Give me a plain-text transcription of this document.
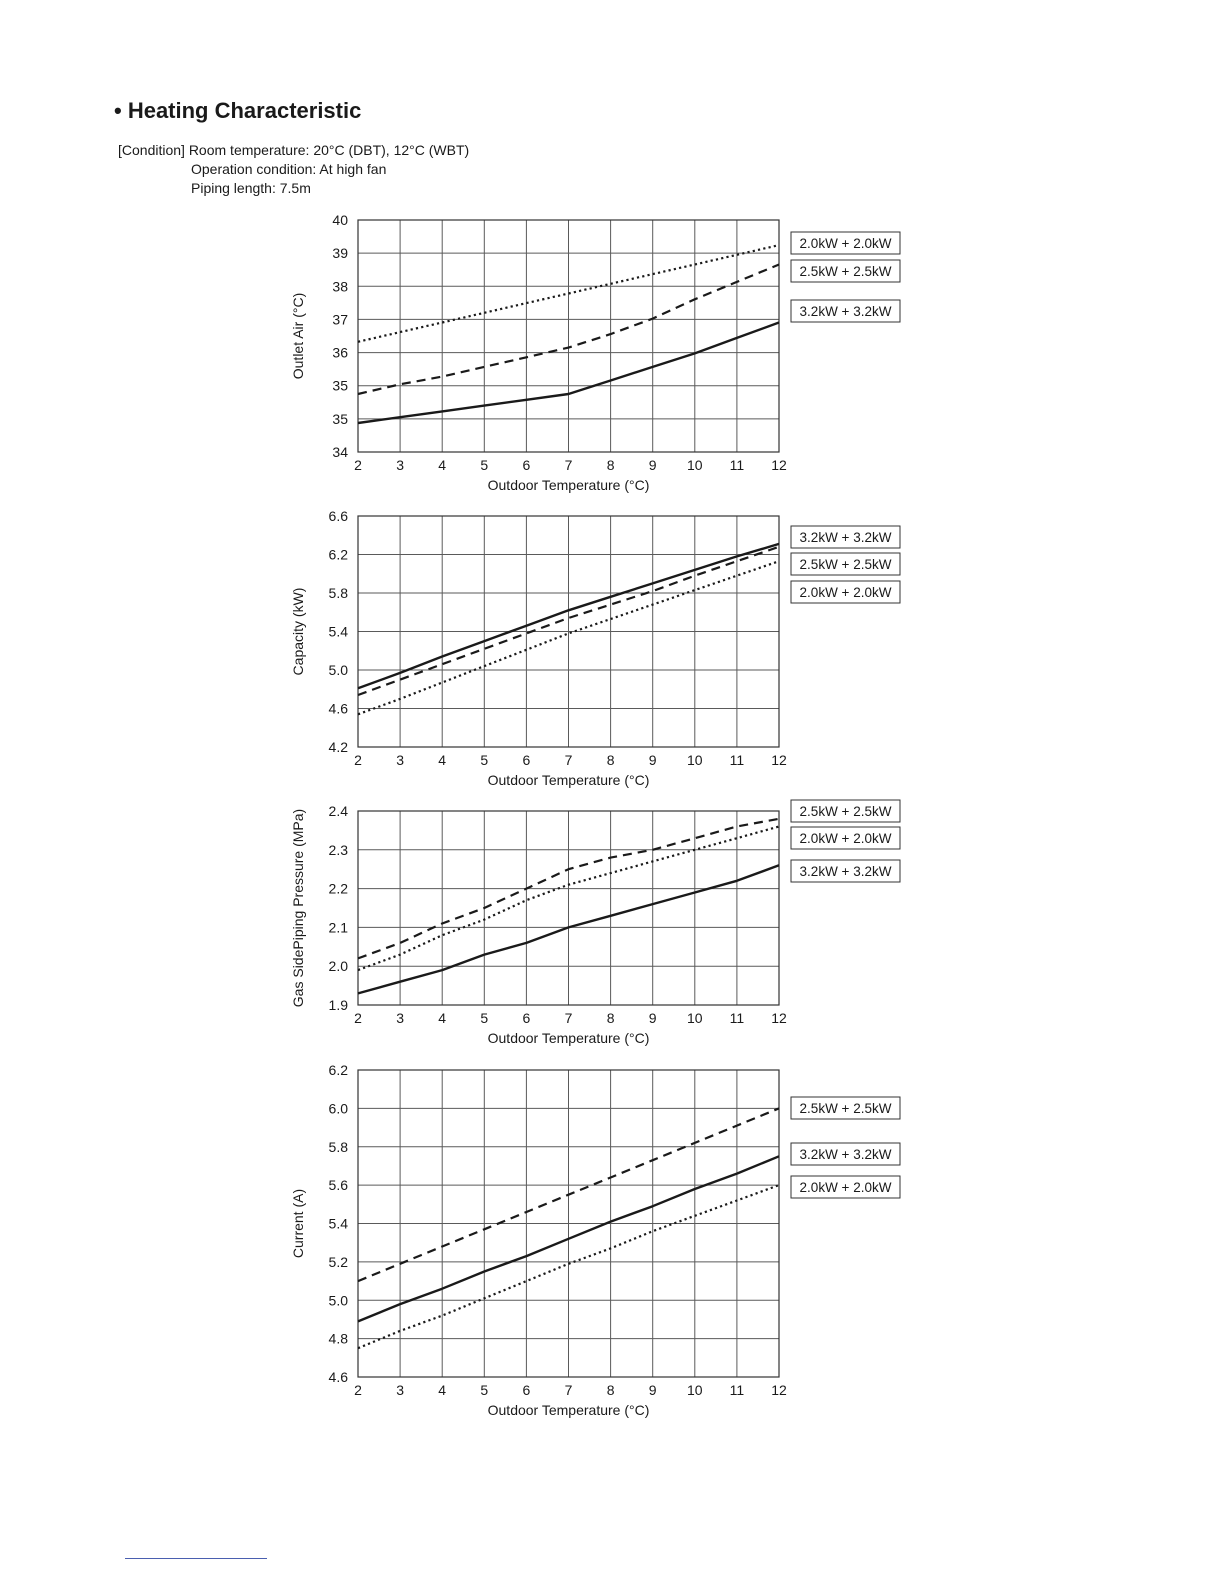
• Heating Characteristic
[Condition] Room temperature: 20°C (DBT), 12°C (WBT)
Operation condition: At high fan
Piping length: 7.5m
2 3 4 5 6 7 8 9 10 11 12
34
35
35
36
37
38
39
40
Outdoor Temperature (°C)
Outlet Air (°C)
2.0kW + 2.0kW
2.5kW + 2.5kW
3.2kW + 3.2kW
2 3 4 5 6 7 8 9 10 11 12
4.2
4.6
5.0
5.4
5.8
6.2
6.6
Outdoor Temperature (°C)
Capacity (kW)
3.2kW + 3.2kW
2.5kW + 2.5kW
2.0kW + 2.0kW
2 3 4 5 6 7 8 9 10 11 12
1.9
2.0
2.1
2.2
2.3
2.4
Outdoor Temperature (°C)
Gas SidePiping Pressure (MPa)	2.5kW + 2.5kW
2.0kW + 2.0kW
3.2kW + 3.2kW
2 3 4 5 6 7 8 9 10 11 12
4.6
4.8
5.0
5.2
5.4
5.6
5.8
6.0
6.2
Outdoor Temperature (°C)
Current (A)
2.5kW + 2.5kW
3.2kW + 3.2kW
2.0kW + 2.0kW
